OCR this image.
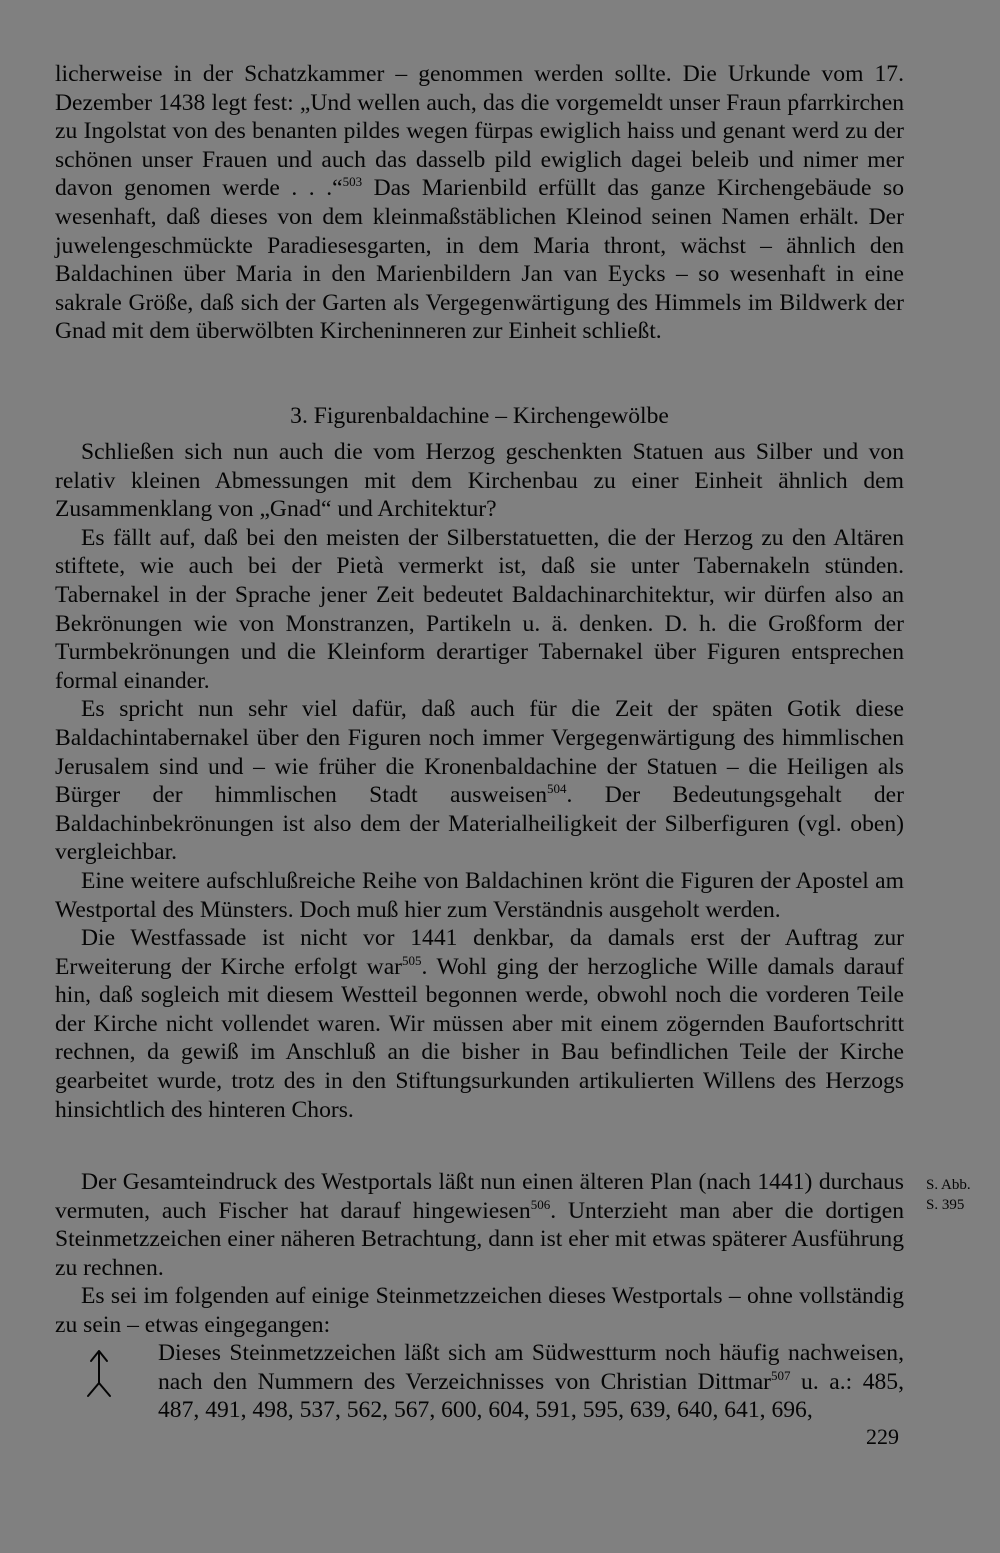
licherweise in der Schatzkammer – genommen werden sollte. Die Urkunde vom 17. Dezember 1438 legt fest: „Und wellen auch, das die vorgemeldt unser Fraun pfarrkirchen zu Ingolstat von des benanten pildes wegen fürpas ewiglich haiss und genant werd zu der schönen unser Frauen und auch das dasselb pild ewiglich dagei beleib und nimer mer davon genomen werde . . .“$^{503}$ Das Marienbild erfüllt das ganze Kirchengebäude so wesenhaft, daß dieses von dem kleinmaßstäblichen Kleinod seinen Namen erhält. Der juwelengeschmückte Paradiesesgarten, in dem Maria thront, wächst – ähnlich den Baldachinen über Maria in den Marienbildern Jan van Eycks – so wesenhaft in eine sakrale Größe, daß sich der Garten als Vergegenwärtigung des Himmels im Bildwerk der Gnad mit dem überwölbten Kircheninneren zur Einheit schließt.

3. Figurenbaldachine – Kirchengewölbe

Schließen sich nun auch die vom Herzog geschenkten Statuen aus Silber und von relativ kleinen Abmessungen mit dem Kirchenbau zu einer Einheit ähnlich dem Zusammenklang von „Gnad“ und Architektur?

Es fällt auf, daß bei den meisten der Silberstatuetten, die der Herzog zu den Altären stiftete, wie auch bei der Pietà vermerkt ist, daß sie unter Tabernakeln stünden. Tabernakel in der Sprache jener Zeit bedeutet Baldachinarchitektur, wir dürfen also an Bekrönungen wie von Monstranzen, Partikeln u. ä. denken. D. h. die Großform der Turmbekrönungen und die Kleinform derartiger Tabernakel über Figuren entsprechen formal einander.

Es spricht nun sehr viel dafür, daß auch für die Zeit der späten Gotik diese Baldachintabernakel über den Figuren noch immer Vergegenwärtigung des himmlischen Jerusalem sind und – wie früher die Kronenbaldachine der Statuen – die Heiligen als Bürger der himmlischen Stadt ausweisen$^{504}$. Der Bedeutungsgehalt der Baldachinbekrönungen ist also dem der Materialheiligkeit der Silberfiguren (vgl. oben) vergleichbar.

Eine weitere aufschlußreiche Reihe von Baldachinen krönt die Figuren der Apostel am Westportal des Münsters. Doch muß hier zum Verständnis ausgeholt werden.

Die Westfassade ist nicht vor 1441 denkbar, da damals erst der Auftrag zur Erweiterung der Kirche erfolgt war$^{505}$. Wohl ging der herzogliche Wille damals darauf hin, daß sogleich mit diesem Westteil begonnen werde, obwohl noch die vorderen Teile der Kirche nicht vollendet waren. Wir müssen aber mit einem zögernden Baufortschritt rechnen, da gewiß im Anschluß an die bisher in Bau befindlichen Teile der Kirche gearbeitet wurde, trotz des in den Stiftungsurkunden artikulierten Willens des Herzogs hinsichtlich des hinteren Chors.

Der Gesamteindruck des Westportals läßt nun einen älteren Plan (nach 1441) durchaus vermuten, auch Fischer hat darauf hingewiesen$^{506}$. Unterzieht man aber die dortigen Steinmetzzeichen einer näheren Betrachtung, dann ist eher mit etwas späterer Ausführung zu rechnen.

Es sei im folgenden auf einige Steinmetzzeichen dieses Westportals – ohne vollständig zu sein – etwas eingegangen:

S. Abb.
S. 395

Dieses Steinmetzzeichen läßt sich am Südwestturm noch häufig nachweisen, nach den Nummern des Verzeichnisses von Christian Dittmar$^{507}$ u. a.: 485, 487, 491, 498, 537, 562, 567, 600, 604, 591, 595, 639, 640, 641, 696,

229
